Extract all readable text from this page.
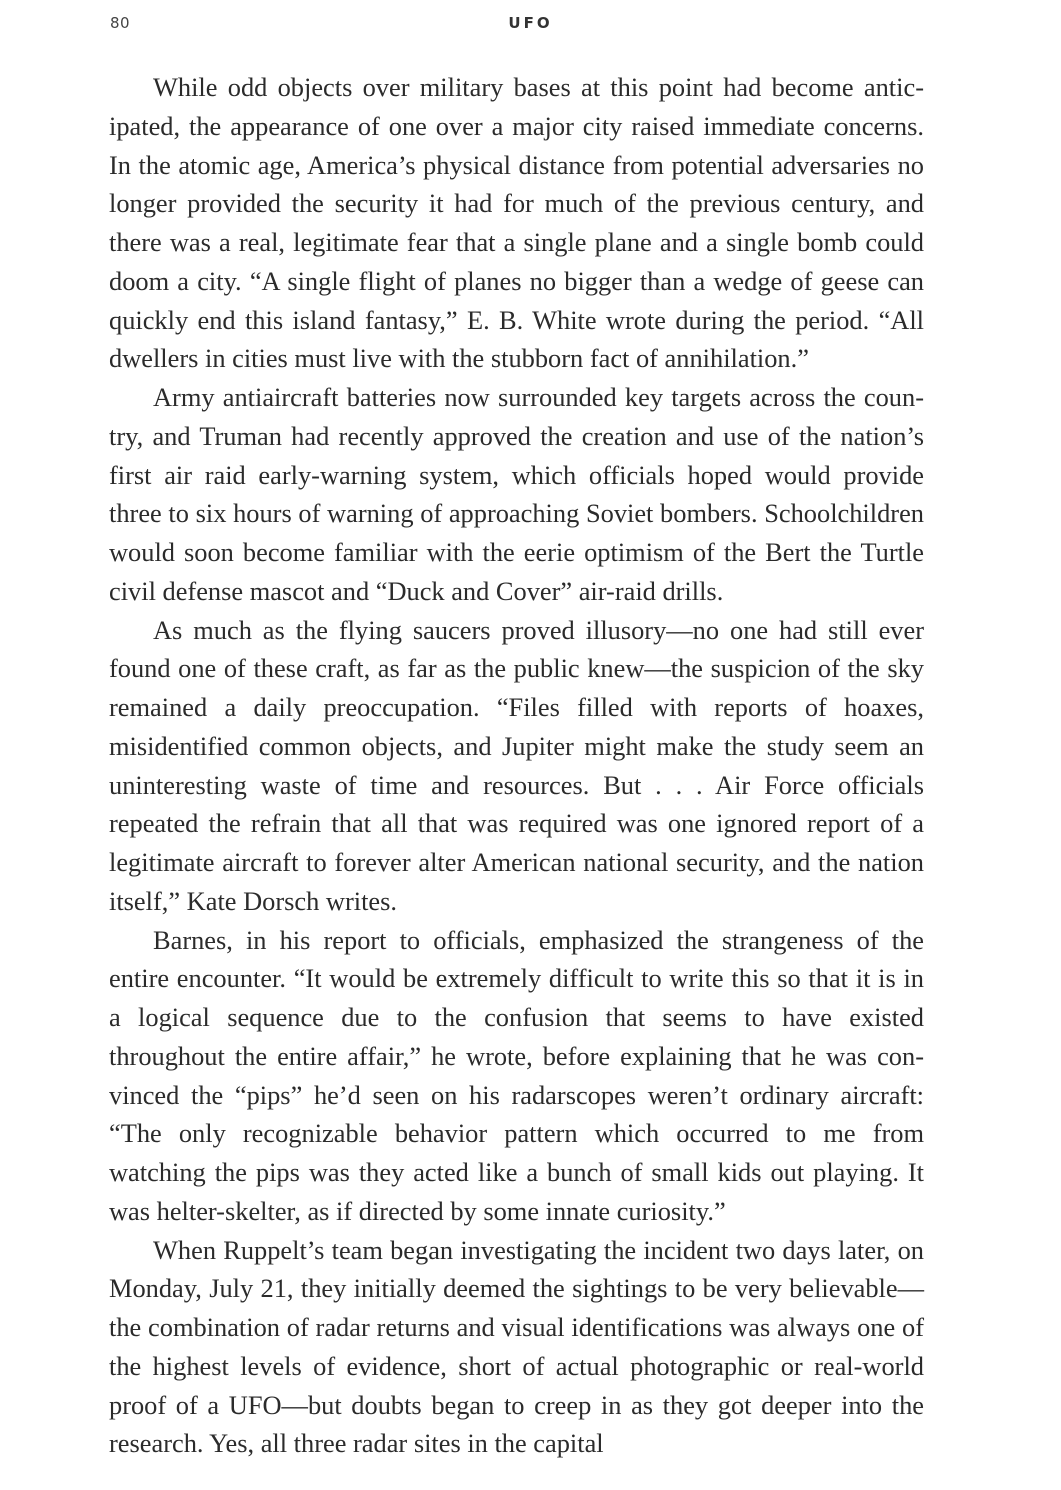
80	UFO

While odd objects over military bases at this point had become anticipated, the appearance of one over a major city raised immediate concerns. In the atomic age, America’s physical distance from potential adversaries no longer provided the security it had for much of the previous century, and there was a real, legitimate fear that a single plane and a single bomb could doom a city. “A single flight of planes no bigger than a wedge of geese can quickly end this island fantasy,” E. B. White wrote during the period. “All dwellers in cities must live with the stubborn fact of annihilation.”

Army antiaircraft batteries now surrounded key targets across the country, and Truman had recently approved the creation and use of the nation’s first air raid early-warning system, which officials hoped would provide three to six hours of warning of approaching Soviet bombers. Schoolchildren would soon become familiar with the eerie optimism of the Bert the Turtle civil defense mascot and “Duck and Cover” air-raid drills.

As much as the flying saucers proved illusory—no one had still ever found one of these craft, as far as the public knew—the suspicion of the sky remained a daily preoccupation. “Files filled with reports of hoaxes, misidentified common objects, and Jupiter might make the study seem an uninteresting waste of time and resources. But . . . Air Force officials repeated the refrain that all that was required was one ignored report of a legitimate aircraft to forever alter American national security, and the nation itself,” Kate Dorsch writes.

Barnes, in his report to officials, emphasized the strangeness of the entire encounter. “It would be extremely difficult to write this so that it is in a logical sequence due to the confusion that seems to have existed throughout the entire affair,” he wrote, before explaining that he was convinced the “pips” he’d seen on his radarscopes weren’t ordinary aircraft: “The only recognizable behavior pattern which occurred to me from watching the pips was they acted like a bunch of small kids out playing. It was helter-skelter, as if directed by some innate curiosity.”

When Ruppelt’s team began investigating the incident two days later, on Monday, July 21, they initially deemed the sightings to be very believable—the combination of radar returns and visual identifications was always one of the highest levels of evidence, short of actual photographic or real-world proof of a UFO—but doubts began to creep in as they got deeper into the research. Yes, all three radar sites in the capital
